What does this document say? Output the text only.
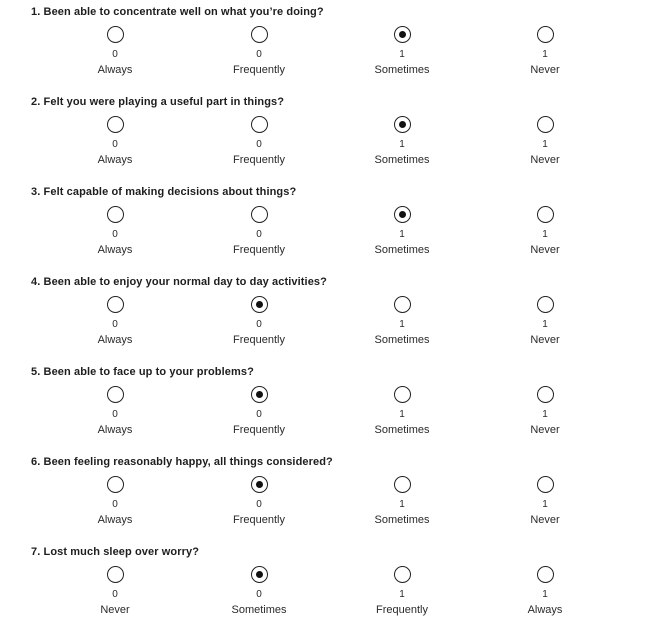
1. Been able to concentrate well on what you’re doing?
0
Always
0
Frequently
1
Sometimes
1
Never
2. Felt you were playing a useful part in things?
0
Always
0
Frequently
1
Sometimes
1
Never
3. Felt capable of making decisions about things?
0
Always
0
Frequently
1
Sometimes
1
Never
4. Been able to enjoy your normal day to day activities?
0
Always
0
Frequently
1
Sometimes
1
Never
5. Been able to face up to your problems?
0
Always
0
Frequently
1
Sometimes
1
Never
6. Been feeling reasonably happy, all things considered?
0
Always
0
Frequently
1
Sometimes
1
Never
7. Lost much sleep over worry?
0
Never
0
Sometimes
1
Frequently
1
Always
